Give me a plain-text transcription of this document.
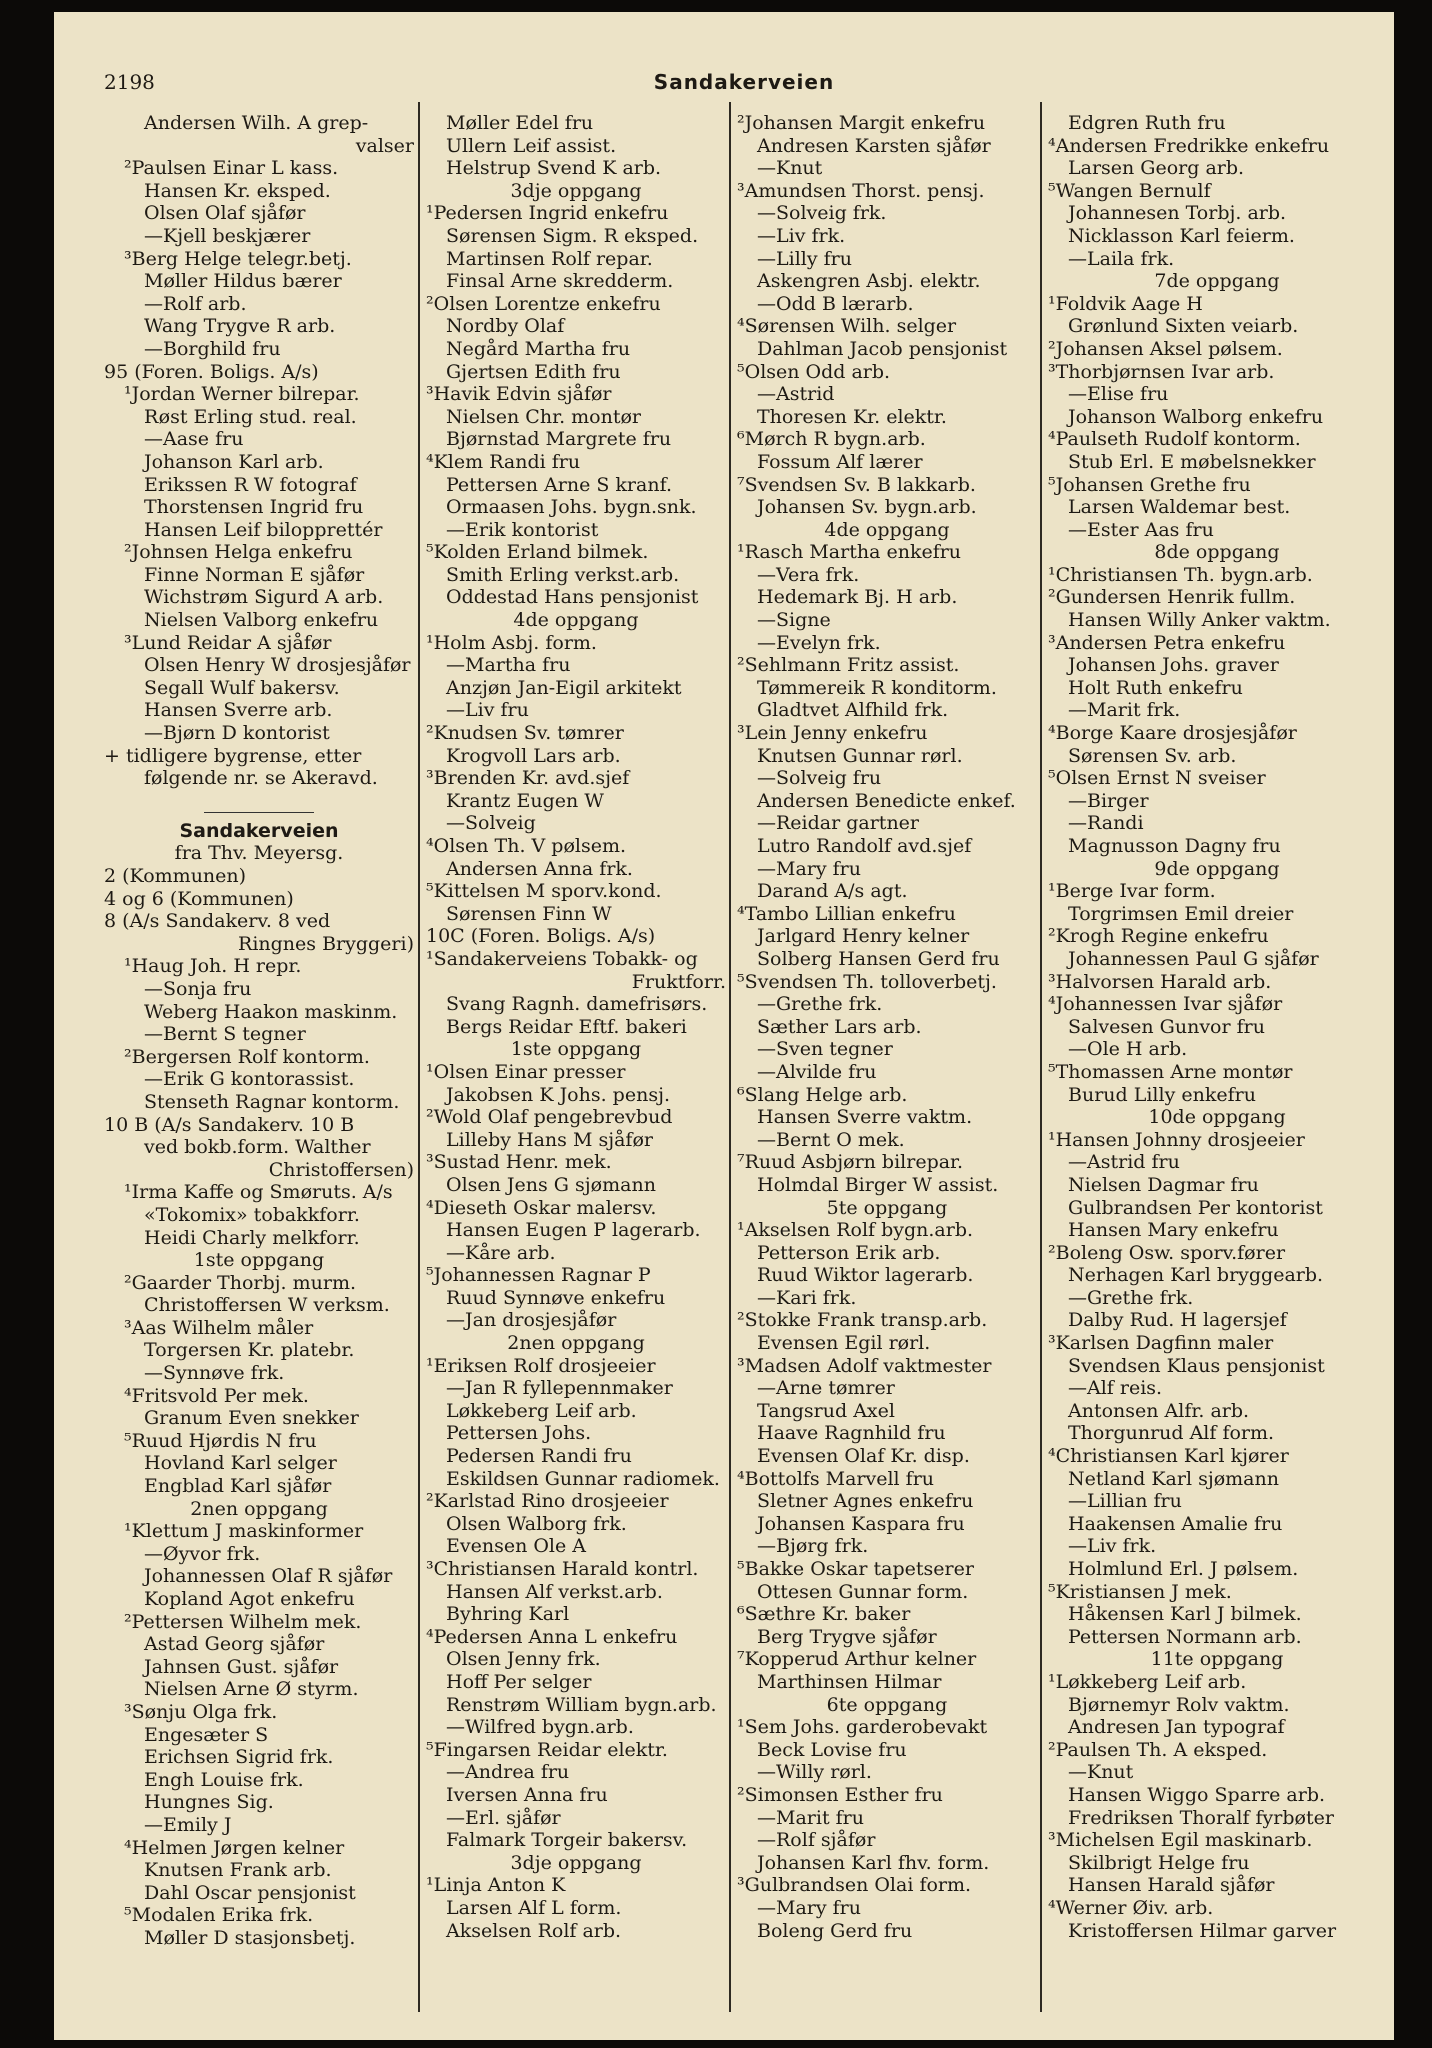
2198	Sandakerveien
Andersen Wilh. A grep-
valser
²Paulsen Einar L kass.
Hansen Kr. eksped.
Olsen Olaf sjåfør
—Kjell beskjærer
³Berg Helge telegr.betj.
Møller Hildus bærer
—Rolf arb.
Wang Trygve R arb.
—Borghild fru
95 (Foren. Boligs. A/s)
¹Jordan Werner bilrepar.
Røst Erling stud. real.
—Aase fru
Johanson Karl arb.
Erikssen R W fotograf
Thorstensen Ingrid fru
Hansen Leif bilopprettér
²Johnsen Helga enkefru
Finne Norman E sjåfør
Wichstrøm Sigurd A arb.
Nielsen Valborg enkefru
³Lund Reidar A sjåfør
Olsen Henry W drosjesjåfør
Segall Wulf bakersv.
Hansen Sverre arb.
—Bjørn D kontorist
+ tidligere bygrense, etter
følgende nr. se Akeravd.
Sandakerveien
fra Thv. Meyersg.
2 (Kommunen)
4 og 6 (Kommunen)
8 (A/s Sandakerv. 8 ved
Ringnes Bryggeri)
¹Haug Joh. H repr.
—Sonja fru
Weberg Haakon maskinm.
—Bernt S tegner
²Bergersen Rolf kontorm.
—Erik G kontorassist.
Stenseth Ragnar kontorm.
10 B (A/s Sandakerv. 10 B
ved bokb.form. Walther
Christoffersen)
¹Irma Kaffe og Smøruts. A/s
«Tokomix» tobakkforr.
Heidi Charly melkforr.
1ste oppgang
²Gaarder Thorbj. murm.
Christoffersen W verksm.
³Aas Wilhelm måler
Torgersen Kr. platebr.
—Synnøve frk.
⁴Fritsvold Per mek.
Granum Even snekker
⁵Ruud Hjørdis N fru
Hovland Karl selger
Engblad Karl sjåfør
2nen oppgang
¹Klettum J maskinformer
—Øyvor frk.
Johannessen Olaf R sjåfør
Kopland Agot enkefru
²Pettersen Wilhelm mek.
Astad Georg sjåfør
Jahnsen Gust. sjåfør
Nielsen Arne Ø styrm.
³Sønju Olga frk.
Engesæter S
Erichsen Sigrid frk.
Engh Louise frk.
Hungnes Sig.
—Emily J
⁴Helmen Jørgen kelner
Knutsen Frank arb.
Dahl Oscar pensjonist
⁵Modalen Erika frk.
Møller D stasjonsbetj.
Møller Edel fru
Ullern Leif assist.
Helstrup Svend K arb.
3dje oppgang
¹Pedersen Ingrid enkefru
Sørensen Sigm. R eksped.
Martinsen Rolf repar.
Finsal Arne skredderm.
²Olsen Lorentze enkefru
Nordby Olaf
Negård Martha fru
Gjertsen Edith fru
³Havik Edvin sjåfør
Nielsen Chr. montør
Bjørnstad Margrete fru
⁴Klem Randi fru
Pettersen Arne S kranf.
Ormaasen Johs. bygn.snk.
—Erik kontorist
⁵Kolden Erland bilmek.
Smith Erling verkst.arb.
Oddestad Hans pensjonist
4de oppgang
¹Holm Asbj. form.
—Martha fru
Anzjøn Jan-Eigil arkitekt
—Liv fru
²Knudsen Sv. tømrer
Krogvoll Lars arb.
³Brenden Kr. avd.sjef
Krantz Eugen W
—Solveig
⁴Olsen Th. V pølsem.
Andersen Anna frk.
⁵Kittelsen M sporv.kond.
Sørensen Finn W
10C (Foren. Boligs. A/s)
¹Sandakerveiens Tobakk- og
Fruktforr.
Svang Ragnh. damefrisørs.
Bergs Reidar Eftf. bakeri
1ste oppgang
¹Olsen Einar presser
Jakobsen K Johs. pensj.
²Wold Olaf pengebrevbud
Lilleby Hans M sjåfør
³Sustad Henr. mek.
Olsen Jens G sjømann
⁴Dieseth Oskar malersv.
Hansen Eugen P lagerarb.
—Kåre arb.
⁵Johannessen Ragnar P
Ruud Synnøve enkefru
—Jan drosjesjåfør
2nen oppgang
¹Eriksen Rolf drosjeeier
—Jan R fyllepennmaker
Løkkeberg Leif arb.
Pettersen Johs.
Pedersen Randi fru
Eskildsen Gunnar radiomek.
²Karlstad Rino drosjeeier
Olsen Walborg frk.
Evensen Ole A
³Christiansen Harald kontrl.
Hansen Alf verkst.arb.
Byhring Karl
⁴Pedersen Anna L enkefru
Olsen Jenny frk.
Hoff Per selger
Renstrøm William bygn.arb.
—Wilfred bygn.arb.
⁵Fingarsen Reidar elektr.
—Andrea fru
Iversen Anna fru
—Erl. sjåfør
Falmark Torgeir bakersv.
3dje oppgang
¹Linja Anton K
Larsen Alf L form.
Akselsen Rolf arb.
²Johansen Margit enkefru
Andresen Karsten sjåfør
—Knut
³Amundsen Thorst. pensj.
—Solveig frk.
—Liv frk.
—Lilly fru
Askengren Asbj. elektr.
—Odd B lærarb.
⁴Sørensen Wilh. selger
Dahlman Jacob pensjonist
⁵Olsen Odd arb.
—Astrid
Thoresen Kr. elektr.
⁶Mørch R bygn.arb.
Fossum Alf lærer
⁷Svendsen Sv. B lakkarb.
Johansen Sv. bygn.arb.
4de oppgang
¹Rasch Martha enkefru
—Vera frk.
Hedemark Bj. H arb.
—Signe
—Evelyn frk.
²Sehlmann Fritz assist.
Tømmereik R konditorm.
Gladtvet Alfhild frk.
³Lein Jenny enkefru
Knutsen Gunnar rørl.
—Solveig fru
Andersen Benedicte enkef.
—Reidar gartner
Lutro Randolf avd.sjef
—Mary fru
Darand A/s agt.
⁴Tambo Lillian enkefru
Jarlgard Henry kelner
Solberg Hansen Gerd fru
⁵Svendsen Th. tolloverbetj.
—Grethe frk.
Sæther Lars arb.
—Sven tegner
—Alvilde fru
⁶Slang Helge arb.
Hansen Sverre vaktm.
—Bernt O mek.
⁷Ruud Asbjørn bilrepar.
Holmdal Birger W assist.
5te oppgang
¹Akselsen Rolf bygn.arb.
Petterson Erik arb.
Ruud Wiktor lagerarb.
—Kari frk.
²Stokke Frank transp.arb.
Evensen Egil rørl.
³Madsen Adolf vaktmester
—Arne tømrer
Tangsrud Axel
Haave Ragnhild fru
Evensen Olaf Kr. disp.
⁴Bottolfs Marvell fru
Sletner Agnes enkefru
Johansen Kaspara fru
—Bjørg frk.
⁵Bakke Oskar tapetserer
Ottesen Gunnar form.
⁶Sæthre Kr. baker
Berg Trygve sjåfør
⁷Kopperud Arthur kelner
Marthinsen Hilmar
6te oppgang
¹Sem Johs. garderobevakt
Beck Lovise fru
—Willy rørl.
²Simonsen Esther fru
—Marit fru
—Rolf sjåfør
Johansen Karl fhv. form.
³Gulbrandsen Olai form.
—Mary fru
Boleng Gerd fru
Edgren Ruth fru
⁴Andersen Fredrikke enkefru
Larsen Georg arb.
⁵Wangen Bernulf
Johannesen Torbj. arb.
Nicklasson Karl feierm.
—Laila frk.
7de oppgang
¹Foldvik Aage H
Grønlund Sixten veiarb.
²Johansen Aksel pølsem.
³Thorbjørnsen Ivar arb.
—Elise fru
Johanson Walborg enkefru
⁴Paulseth Rudolf kontorm.
Stub Erl. E møbelsnekker
⁵Johansen Grethe fru
Larsen Waldemar best.
—Ester Aas fru
8de oppgang
¹Christiansen Th. bygn.arb.
²Gundersen Henrik fullm.
Hansen Willy Anker vaktm.
³Andersen Petra enkefru
Johansen Johs. graver
Holt Ruth enkefru
—Marit frk.
⁴Borge Kaare drosjesjåfør
Sørensen Sv. arb.
⁵Olsen Ernst N sveiser
—Birger
—Randi
Magnusson Dagny fru
9de oppgang
¹Berge Ivar form.
Torgrimsen Emil dreier
²Krogh Regine enkefru
Johannessen Paul G sjåfør
³Halvorsen Harald arb.
⁴Johannessen Ivar sjåfør
Salvesen Gunvor fru
—Ole H arb.
⁵Thomassen Arne montør
Burud Lilly enkefru
10de oppgang
¹Hansen Johnny drosjeeier
—Astrid fru
Nielsen Dagmar fru
Gulbrandsen Per kontorist
Hansen Mary enkefru
²Boleng Osw. sporv.fører
Nerhagen Karl bryggearb.
—Grethe frk.
Dalby Rud. H lagersjef
³Karlsen Dagfinn maler
Svendsen Klaus pensjonist
—Alf reis.
Antonsen Alfr. arb.
Thorgunrud Alf form.
⁴Christiansen Karl kjører
Netland Karl sjømann
—Lillian fru
Haakensen Amalie fru
—Liv frk.
Holmlund Erl. J pølsem.
⁵Kristiansen J mek.
Håkensen Karl J bilmek.
Pettersen Normann arb.
11te oppgang
¹Løkkeberg Leif arb.
Bjørnemyr Rolv vaktm.
Andresen Jan typograf
²Paulsen Th. A eksped.
—Knut
Hansen Wiggo Sparre arb.
Fredriksen Thoralf fyrbøter
³Michelsen Egil maskinarb.
Skilbrigt Helge fru
Hansen Harald sjåfør
⁴Werner Øiv. arb.
Kristoffersen Hilmar garver
